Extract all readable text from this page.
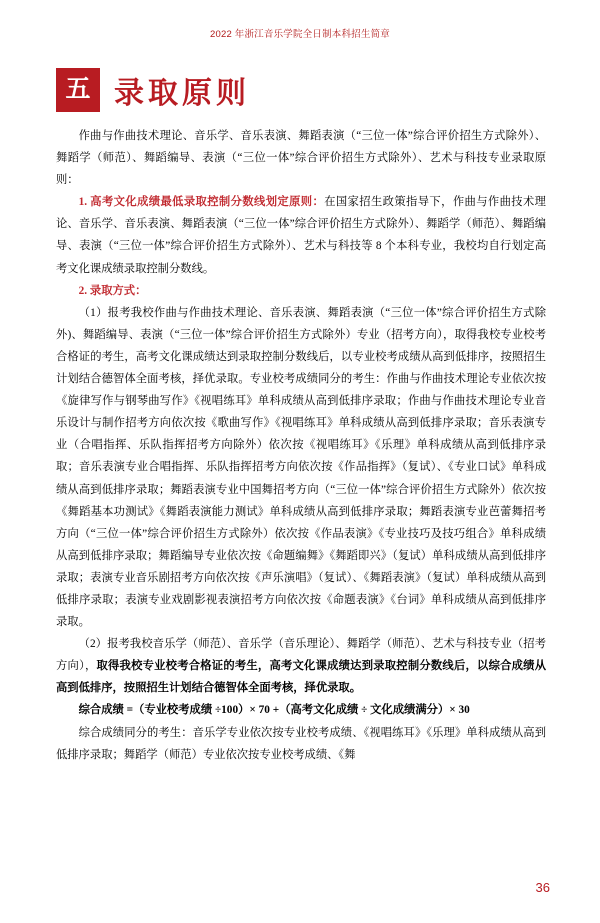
2022 年浙江音乐学院全日制本科招生简章
五 录取原则

作曲与作曲技术理论、音乐学、音乐表演、舞蹈表演（“三位一体”综合评价招生方式除外）、舞蹈学（师范）、舞蹈编导、表演（“三位一体”综合评价招生方式除外）、艺术与科技专业录取原则：

1. 高考文化成绩最低录取控制分数线划定原则：在国家招生政策指导下，作曲与作曲技术理论、音乐学、音乐表演、舞蹈表演（“三位一体”综合评价招生方式除外）、舞蹈学（师范）、舞蹈编导、表演（“三位一体”综合评价招生方式除外）、艺术与科技等 8 个本科专业，我校均自行划定高考文化课成绩录取控制分数线。

2. 录取方式：

（1）报考我校作曲与作曲技术理论、音乐表演、舞蹈表演（“三位一体”综合评价招生方式除外)、舞蹈编导、表演（“三位一体”综合评价招生方式除外）专业（招考方向），取得我校专业校考合格证的考生，高考文化课成绩达到录取控制分数线后，以专业校考成绩从高到低排序，按照招生计划结合德智体全面考核，择优录取。专业校考成绩同分的考生：作曲与作曲技术理论专业依次按《旋律写作与钢琴曲写作》《视唱练耳》单科成绩从高到低排序录取；作曲与作曲技术理论专业音乐设计与制作招考方向依次按《歌曲写作》《视唱练耳》单科成绩从高到低排序录取；音乐表演专业（合唱指挥、乐队指挥招考方向除外）依次按《视唱练耳》《乐理》单科成绩从高到低排序录取；音乐表演专业合唱指挥、乐队指挥招考方向依次按《作品指挥》（复试）、《专业口试》单科成绩从高到低排序录取；舞蹈表演专业中国舞招考方向（“三位一体”综合评价招生方式除外）依次按《舞蹈基本功测试》《舞蹈表演能力测试》单科成绩从高到低排序录取；舞蹈表演专业芭蕾舞招考方向（“三位一体”综合评价招生方式除外）依次按《作品表演》《专业技巧及技巧组合》单科成绩从高到低排序录取；舞蹈编导专业依次按《命题编舞》《舞蹈即兴》（复试）单科成绩从高到低排序录取；表演专业音乐剧招考方向依次按《声乐演唱》（复试）、《舞蹈表演》（复试）单科成绩从高到低排序录取；表演专业戏剧影视表演招考方向依次按《命题表演》《台词》单科成绩从高到低排序录取。

（2）报考我校音乐学（师范）、音乐学（音乐理论）、舞蹈学（师范）、艺术与科技专业（招考方向），取得我校专业校考合格证的考生，高考文化课成绩达到录取控制分数线后，以综合成绩从高到低排序，按照招生计划结合德智体全面考核，择优录取。

综合成绩 =（专业校考成绩 ÷100）× 70 +（高考文化成绩 ÷ 文化成绩满分）× 30

综合成绩同分的考生：音乐学专业依次按专业校考成绩、《视唱练耳》《乐理》单科成绩从高到低排序录取；舞蹈学（师范）专业依次按专业校考成绩、《舞

36
